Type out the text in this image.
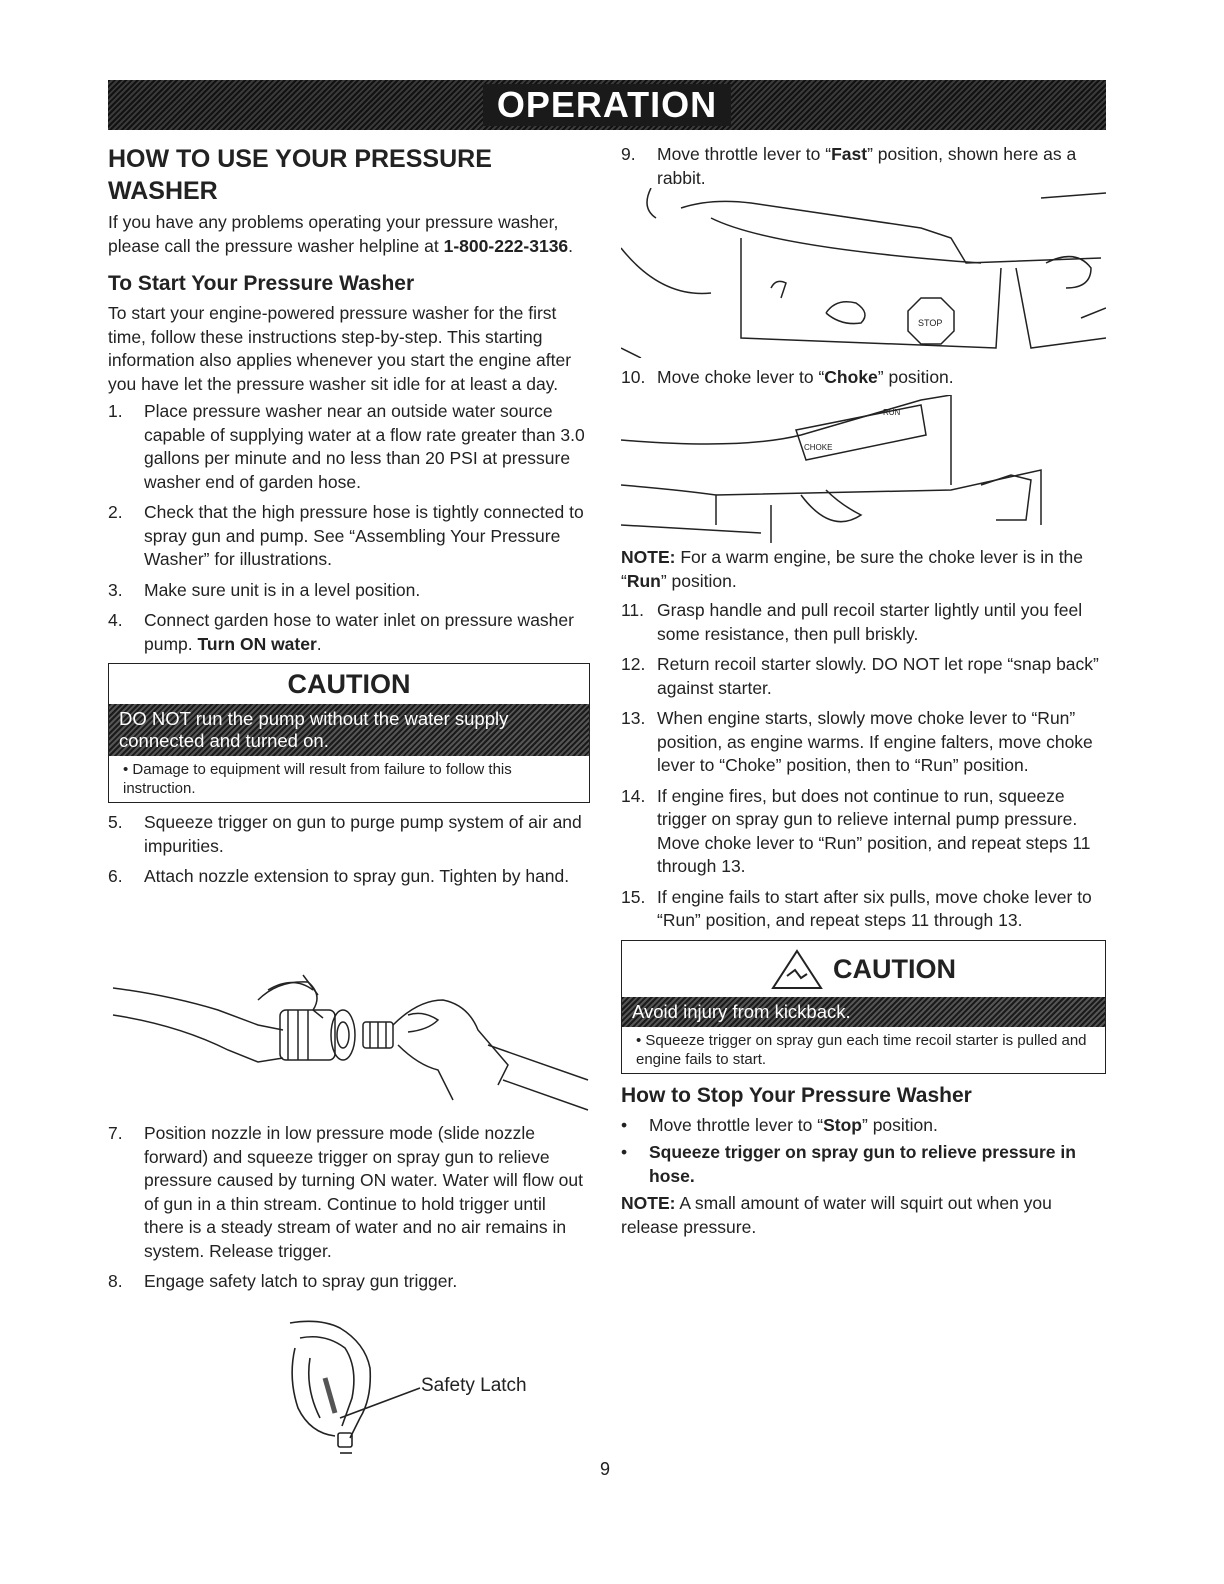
OPERATION
HOW TO USE YOUR PRESSURE WASHER

If you have any problems operating your pressure washer, please call the pressure washer helpline at 1-800-222-3136.

To Start Your Pressure Washer

To start your engine-powered pressure washer for the first time, follow these instructions step-by-step. This starting information also applies whenever you start the engine after you have let the pressure washer sit idle for at least a day.

1.	Place pressure washer near an outside water source capable of supplying water at a flow rate greater than 3.0 gallons per minute and no less than 20 PSI at pressure washer end of garden hose.
2.	Check that the high pressure hose is tightly connected to spray gun and pump. See “Assembling Your Pressure Washer” for illustrations.
3.	Make sure unit is in a level position.
4.	Connect garden hose to water inlet on pressure washer pump. Turn ON water.
CAUTION
DO NOT run the pump without the water supply connected and turned on.
• Damage to equipment will result from failure to follow this instruction.
5.	Squeeze trigger on gun to purge pump system of air and impurities.
6.	Attach nozzle extension to spray gun. Tighten by hand.
7.	Position nozzle in low pressure mode (slide nozzle forward) and squeeze trigger on spray gun to relieve pressure caused by turning ON water. Water will flow out of gun in a thin stream. Continue to hold trigger until there is a steady stream of water and no air remains in system. Release trigger.
8.	Engage safety latch to spray gun trigger.
Safety Latch
9.	Move throttle lever to “Fast” position, shown here as a rabbit.
STOP
10. Move choke lever to “Choke” position.
CHOKE
RUN

NOTE: For a warm engine, be sure the choke lever is in the “Run” position.

11. Grasp handle and pull recoil starter lightly until you feel some resistance, then pull briskly.
12. Return recoil starter slowly. DO NOT let rope “snap back” against starter.
13. When engine starts, slowly move choke lever to “Run” position, as engine warms. If engine falters, move choke lever to “Choke” position, then to “Run” position.
14. If engine fires, but does not continue to run, squeeze trigger on spray gun to relieve internal pump pressure. Move choke lever to “Run” position, and repeat steps 11 through 13.
15. If engine fails to start after six pulls, move choke lever to “Run” position, and repeat steps 11 through 13.
CAUTION
Avoid injury from kickback.
• Squeeze trigger on spray gun each time recoil starter is pulled and engine fails to start.
How to Stop Your Pressure Washer
•	Move throttle lever to “Stop” position.
•	Squeeze trigger on spray gun to relieve pressure in hose.

NOTE: A small amount of water will squirt out when you release pressure.

9
